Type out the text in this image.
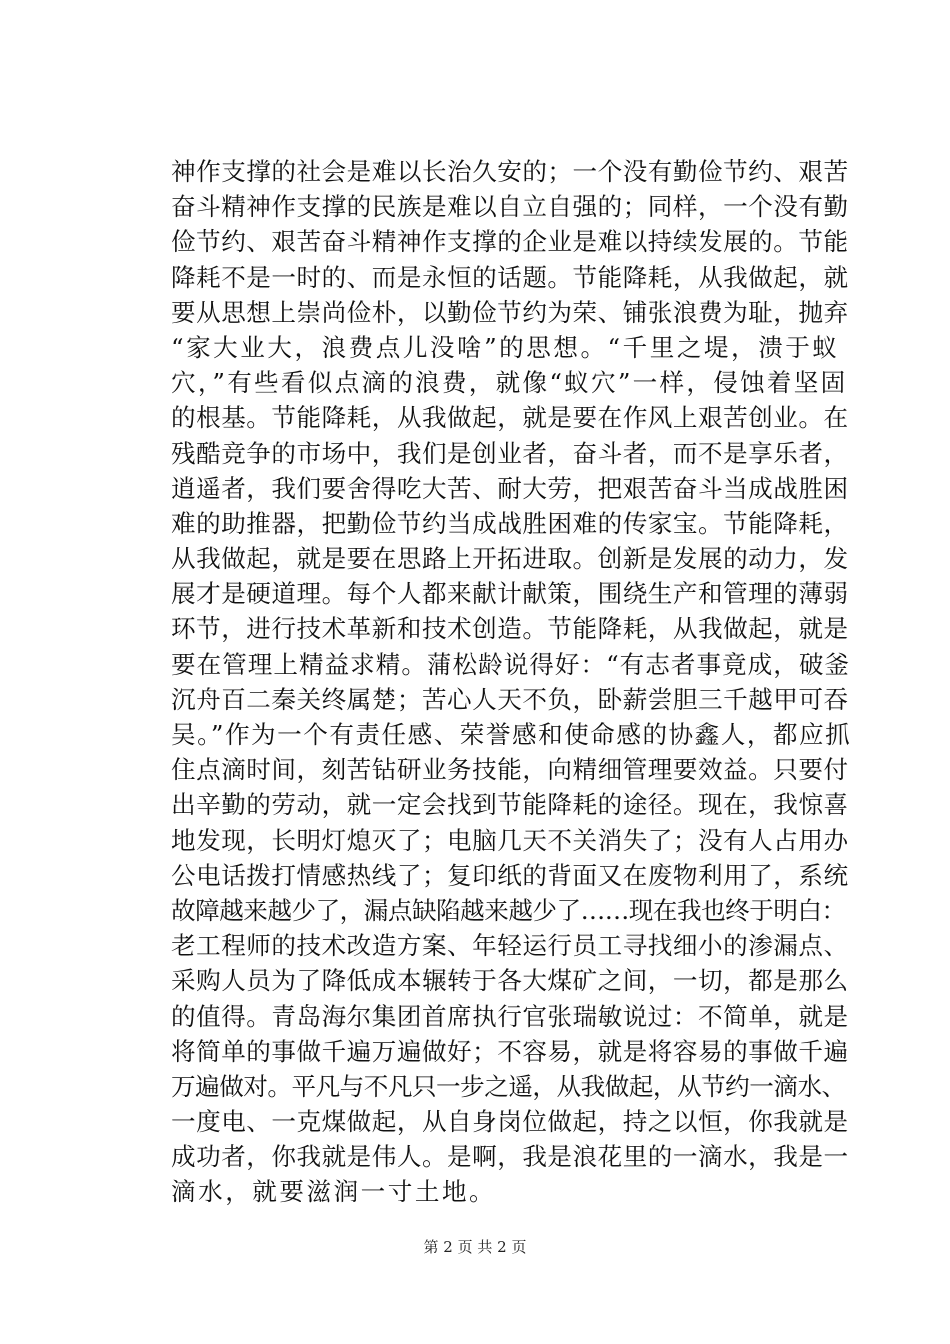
神作支撑的社会是难以长治久安的；一个没有勤俭节约、艰苦
奋斗精神作支撑的民族是难以自立自强的；同样，一个没有勤
俭节约、艰苦奋斗精神作支撑的企业是难以持续发展的。节能
降耗不是一时的、而是永恒的话题。节能降耗，从我做起，就
要从思想上崇尚俭朴，以勤俭节约为荣、铺张浪费为耻，抛弃
“家大业大，浪费点儿没啥”的思想。“千里之堤，溃于蚁
穴，”有些看似点滴的浪费，就像“蚁穴”一样，侵蚀着坚固
的根基。节能降耗，从我做起，就是要在作风上艰苦创业。在
残酷竞争的市场中，我们是创业者，奋斗者，而不是享乐者，
逍遥者，我们要舍得吃大苦、耐大劳，把艰苦奋斗当成战胜困
难的助推器，把勤俭节约当成战胜困难的传家宝。节能降耗，
从我做起，就是要在思路上开拓进取。创新是发展的动力，发
展才是硬道理。每个人都来献计献策，围绕生产和管理的薄弱
环节，进行技术革新和技术创造。节能降耗，从我做起，就是
要在管理上精益求精。蒲松龄说得好：“有志者事竟成，破釜
沉舟百二秦关终属楚；苦心人天不负，卧薪尝胆三千越甲可吞
吴。”作为一个有责任感、荣誉感和使命感的协鑫人，都应抓
住点滴时间，刻苦钻研业务技能，向精细管理要效益。只要付
出辛勤的劳动，就一定会找到节能降耗的途径。现在，我惊喜
地发现，长明灯熄灭了；电脑几天不关消失了；没有人占用办
公电话拨打情感热线了；复印纸的背面又在废物利用了，系统
故障越来越少了，漏点缺陷越来越少了……现在我也终于明白：
老工程师的技术改造方案、年轻运行员工寻找细小的渗漏点、
采购人员为了降低成本辗转于各大煤矿之间，一切，都是那么
的值得。青岛海尔集团首席执行官张瑞敏说过：不简单，就是
将简单的事做千遍万遍做好；不容易，就是将容易的事做千遍
万遍做对。平凡与不凡只一步之遥，从我做起，从节约一滴水、
一度电、一克煤做起，从自身岗位做起，持之以恒，你我就是
成功者，你我就是伟人。是啊，我是浪花里的一滴水，我是一
滴水，就要滋润一寸土地。
第 2 页 共 2 页
